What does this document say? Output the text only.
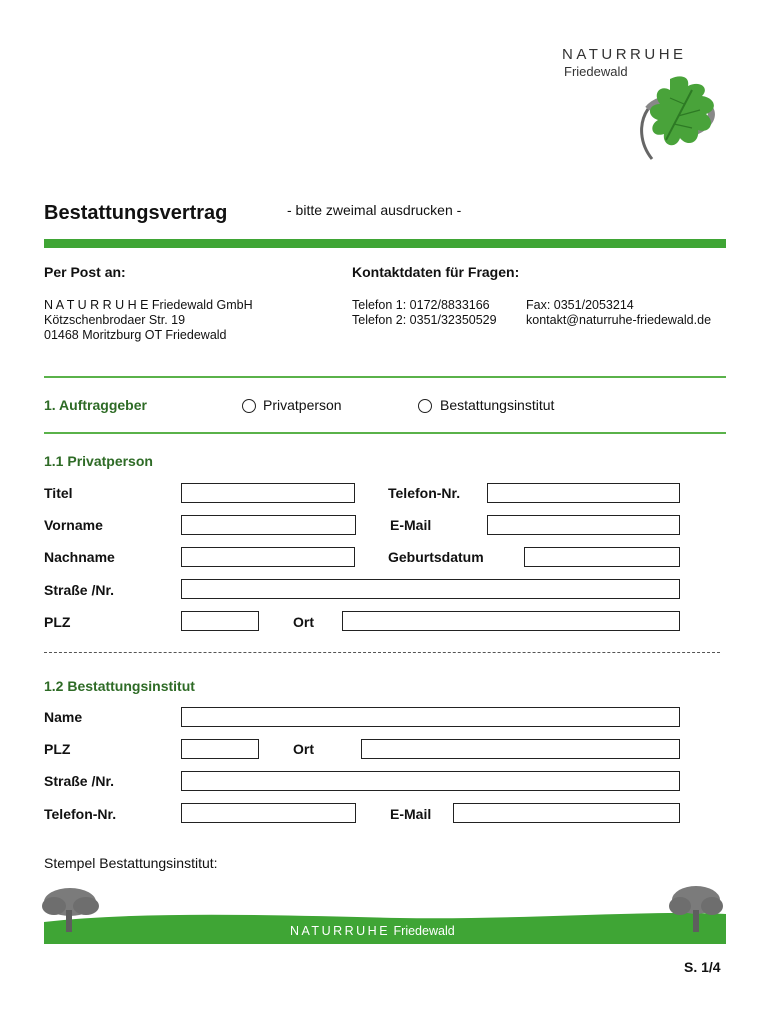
NATURRUHE
Friedewald
Bestattungsvertrag	- bitte zweimal ausdrucken -
Per Post an:
N A T U R R U H E Friedewald GmbH
Kötzschenbrodaer Str. 19
01468 Moritzburg OT Friedewald
Kontaktdaten für Fragen:
Telefon 1: 0172/8833166
Telefon 2: 0351/32350529
Fax: 0351/2053214
kontakt@naturruhe-friedewald.de
1. Auftraggeber	Privatperson	Bestattungsinstitut
1.1 Privatperson
Titel	Telefon-Nr.
Vorname	E-Mail
Nachname	Geburtsdatum
Straße /Nr.
PLZ	Ort
1.2 Bestattungsinstitut
Name
PLZ	Ort
Straße /Nr.
Telefon-Nr.	E-Mail
Stempel Bestattungsinstitut:
NATURRUHE Friedewald
S. 1/4
